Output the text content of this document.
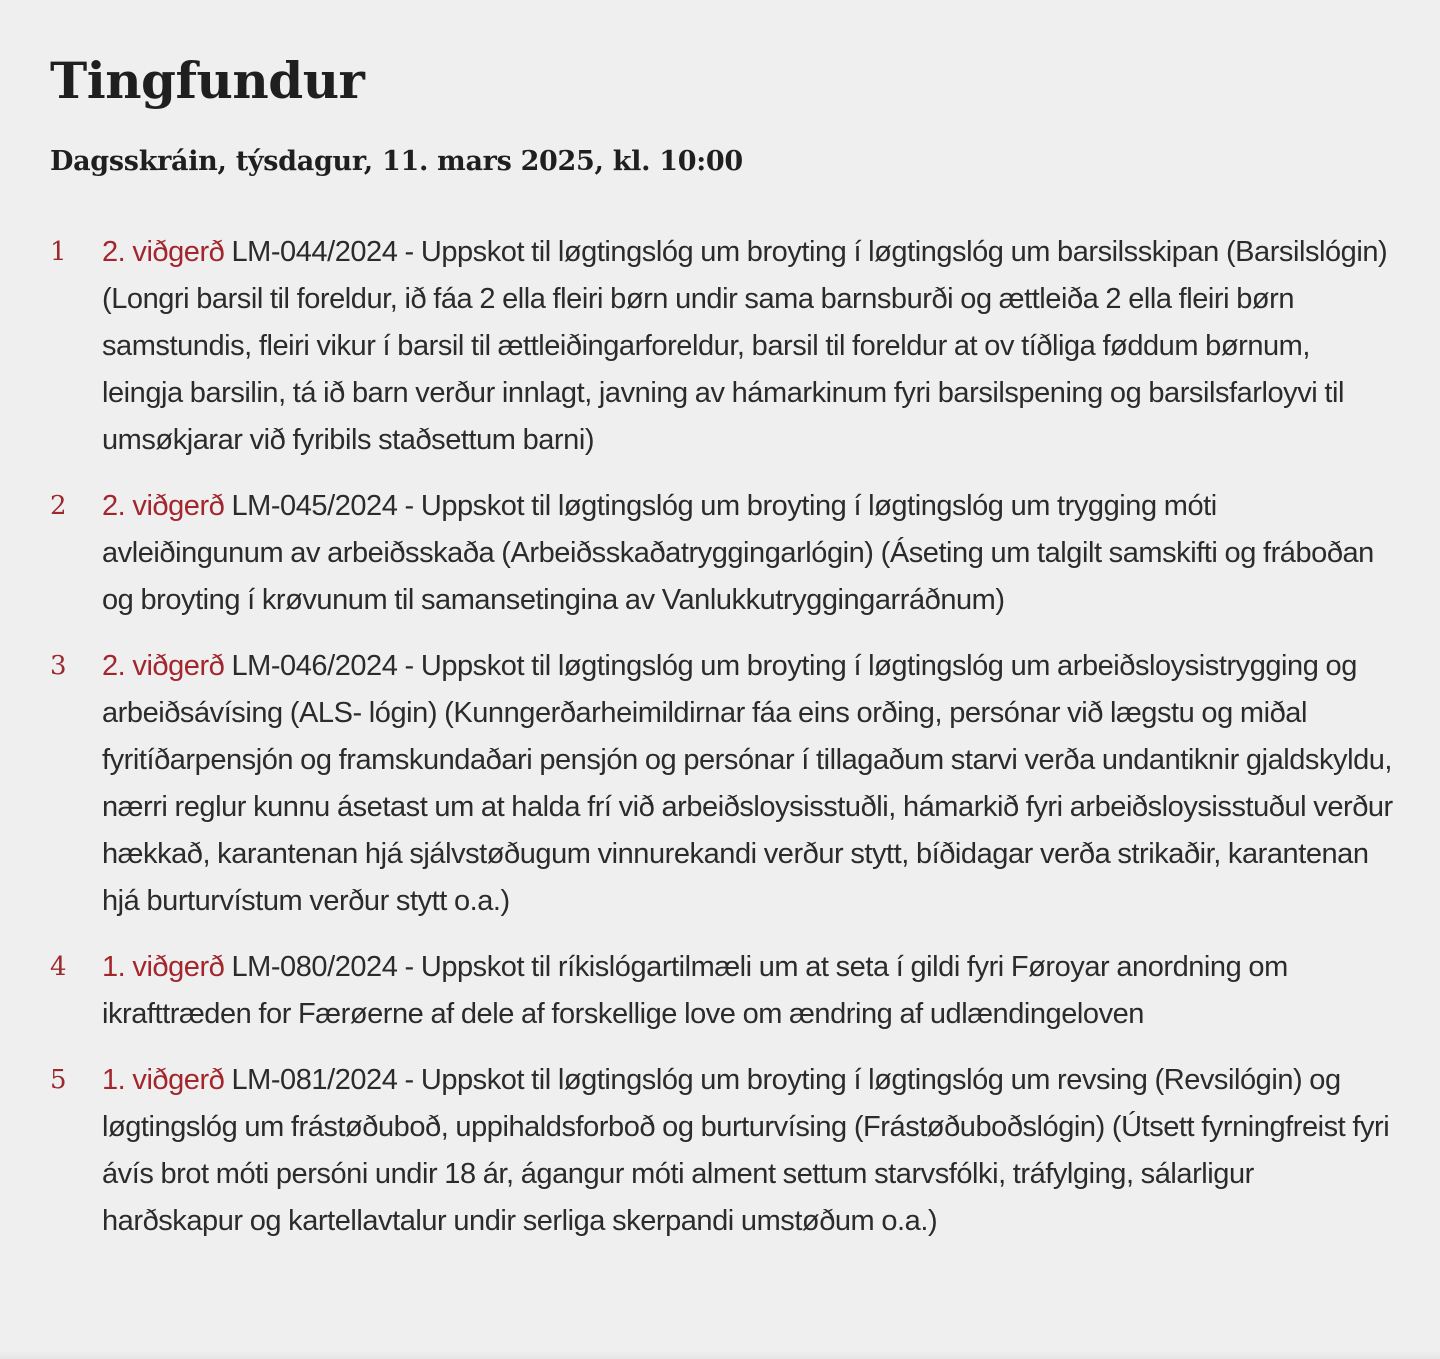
Tingfundur

Dagsskráin, týsdagur, 11. mars 2025, kl. 10:00

1 2. viðgerð LM-044/2024 - Uppskot til løgtingslóg um broyting í løgtingslóg um barsilsskipan (Barsilslógin) (Longri barsil til foreldur, ið fáa 2 ella fleiri børn undir sama barnsburði og ættleiða 2 ella fleiri børn samstundis, fleiri vikur í barsil til ættleiðingarforeldur, barsil til foreldur at ov tíðliga føddum børnum, leingja barsilin, tá ið barn verður innlagt, javning av hámarkinum fyri barsilspening og barsilsfarloyvi til umsøkjarar við fyribils staðsettum barni)
2 2. viðgerð LM-045/2024 - Uppskot til løgtingslóg um broyting í løgtingslóg um trygging móti avleiðingunum av arbeiðsskaða (Arbeiðsskaðatryggingarlógin) (Áseting um talgilt samskifti og fráboðan og broyting í krøvunum til samansetingina av Vanlukkutryggingarráðnum)
3 2. viðgerð LM-046/2024 - Uppskot til løgtingslóg um broyting í løgtingslóg um arbeiðsloysistrygging og arbeiðsávísing (ALS- lógin) (Kunngerðarheimildirnar fáa eins orðing, persónar við lægstu og miðal fyritíðarpensjón og framskundaðari pensjón og persónar í tillagaðum starvi verða undantiknir gjaldskyldu, nærri reglur kunnu ásetast um at halda frí við arbeiðsloysisstuðli, hámarkið fyri arbeiðsloysisstuðul verður hækkað, karantenan hjá sjálvstøðugum vinnurekandi verður stytt, bíðidagar verða strikaðir, karantenan hjá burturvístum verður stytt o.a.)
4 1. viðgerð LM-080/2024 - Uppskot til ríkislógartilmæli um at seta í gildi fyri Føroyar anordning om ikrafttræden for Færøerne af dele af forskellige love om ændring af udlændingeloven
5 1. viðgerð LM-081/2024 - Uppskot til løgtingslóg um broyting í løgtingslóg um revsing (Revsilógin) og løgtingslóg um frástøðuboð, uppihaldsforboð og burturvísing (Frástøðuboðslógin) (Útsett fyrningfreist fyri ávís brot móti persóni undir 18 ár, ágangur móti alment settum starvsfólki, tráfylging, sálarligur harðskapur og kartellavtalur undir serliga skerpandi umstøðum o.a.)
